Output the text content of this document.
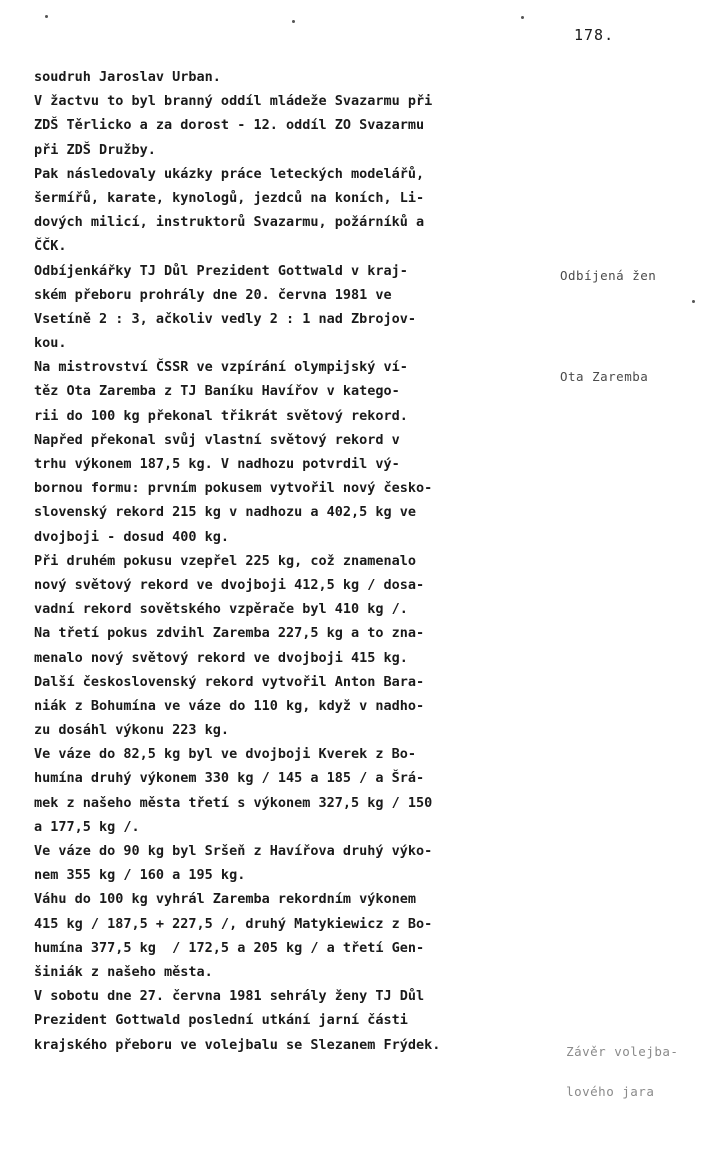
178.
soudruh Jaroslav Urban.
V žactvu to byl branný oddíl mládeže Svazarmu při
ZDŠ Těrlicko a za dorost - 12. oddíl ZO Svazarmu
při ZDŠ Družby.
Pak následovaly ukázky práce leteckých modelářů,
šermířů, karate, kynologů, jezdců na koních, Li-
dových milicí, instruktorů Svazarmu, požárníků a
ČČK.
Odbíjenkářky TJ Důl Prezident Gottwald v kraj-
ském přeboru prohrály dne 20. června 1981 ve
Vsetíně 2 : 3, ačkoliv vedly 2 : 1 nad Zbrojov-
kou.
Na mistrovství ČSSR ve vzpírání olympijský ví-
těz Ota Zaremba z TJ Baníku Havířov v katego-
rii do 100 kg překonal třikrát světový rekord.
Napřed překonal svůj vlastní světový rekord v
trhu výkonem 187,5 kg. V nadhozu potvrdil vý-
bornou formu: prvním pokusem vytvořil nový česko-
slovenský rekord 215 kg v nadhozu a 402,5 kg ve
dvojboji - dosud 400 kg.
Při druhém pokusu vzepřel 225 kg, což znamenalo
nový světový rekord ve dvojboji 412,5 kg / dosa-
vadní rekord sovětského vzpěrače byl 410 kg /.
Na třetí pokus zdvihl Zaremba 227,5 kg a to zna-
menalo nový světový rekord ve dvojboji 415 kg.
Další československý rekord vytvořil Anton Bara-
niák z Bohumína ve váze do 110 kg, když v nadho-
zu dosáhl výkonu 223 kg.
Ve váze do 82,5 kg byl ve dvojboji Kverek z Bo-
humína druhý výkonem 330 kg / 145 a 185 / a Šrá-
mek z našeho města třetí s výkonem 327,5 kg / 150
a 177,5 kg /.
Ve váze do 90 kg byl Sršeň z Havířova druhý výko-
nem 355 kg / 160 a 195 kg.
Váhu do 100 kg vyhrál Zaremba rekordním výkonem
415 kg / 187,5 + 227,5 /, druhý Matykiewicz z Bo-
humína 377,5 kg  / 172,5 a 205 kg / a třetí Gen-
šiniák z našeho města.
V sobotu dne 27. června 1981 sehrály ženy TJ Důl
Prezident Gottwald poslední utkání jarní části
krajského přeboru ve volejbalu se Slezanem Frýdek.
Odbíjená žen
Ota Zaremba

Závěr volejba-

lového jara
